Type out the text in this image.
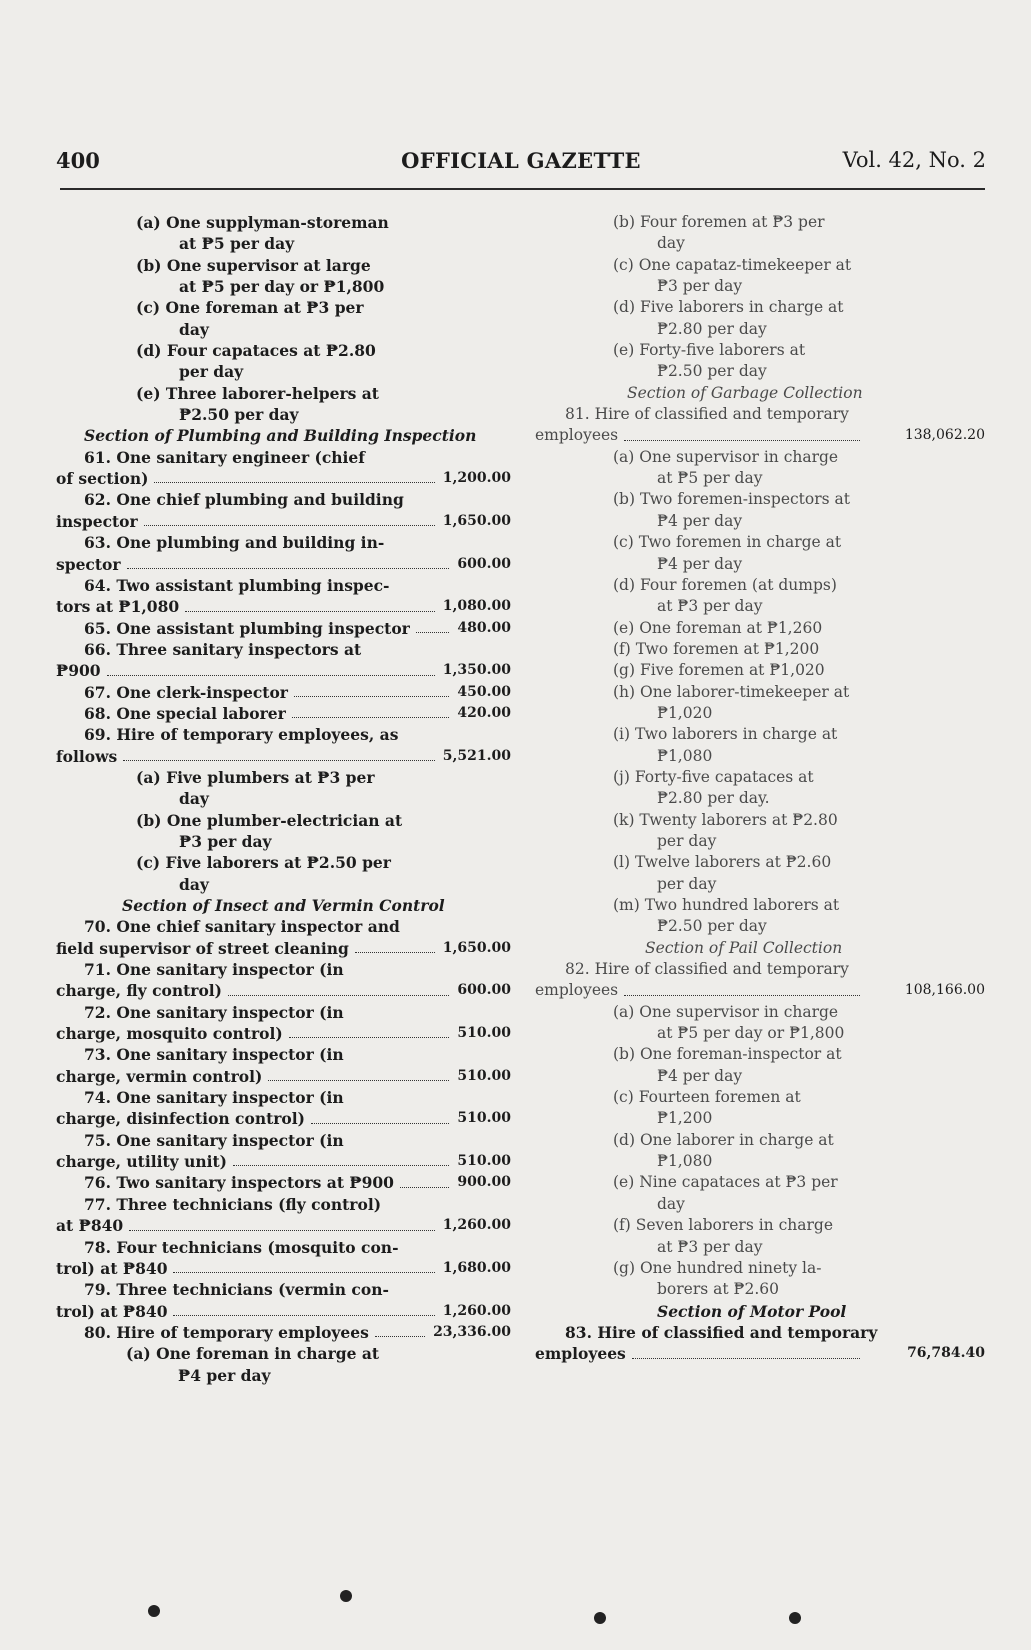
400	OFFICIAL GAZETTE	Vol. 42, No. 2
(a) One supplyman-storeman
at ₱5 per day
(b) One supervisor at large
at ₱5 per day or ₱1,800
(c) One foreman at ₱3 per
day
(d) Four capataces at ₱2.80
per day
(e) Three laborer-helpers at
₱2.50 per day
Section of Plumbing and Building Inspection
61. One sanitary engineer (chief
of section)	1,200.00
62. One chief plumbing and building
inspector	1,650.00
63. One plumbing and building in-
spector	600.00
64. Two assistant plumbing inspec-
tors at ₱1,080	1,080.00
65. One assistant plumbing inspector	480.00
66. Three sanitary inspectors at
₱900	1,350.00
67. One clerk-inspector	450.00
68. One special laborer	420.00
69. Hire of temporary employees, as
follows	5,521.00
(a) Five plumbers at ₱3 per
day
(b) One plumber-electrician at
₱3 per day
(c) Five laborers at ₱2.50 per
day
Section of Insect and Vermin Control
70. One chief sanitary inspector and
field supervisor of street cleaning	1,650.00
71. One sanitary inspector (in
charge, fly control)	600.00
72. One sanitary inspector (in
charge, mosquito control)	510.00
73. One sanitary inspector (in
charge, vermin control)	510.00
74. One sanitary inspector (in
charge, disinfection control)	510.00
75. One sanitary inspector (in
charge, utility unit)	510.00
76. Two sanitary inspectors at ₱900	900.00
77. Three technicians (fly control)
at ₱840	1,260.00
78. Four technicians (mosquito con-
trol) at ₱840	1,680.00
79. Three technicians (vermin con-
trol) at ₱840	1,260.00
80. Hire of temporary employees	23,336.00
(a) One foreman in charge at
₱4 per day
(b) Four foremen at ₱3 per
day
(c) One capataz-timekeeper at
₱3 per day
(d) Five laborers in charge at
₱2.80 per day
(e) Forty-five laborers at
₱2.50 per day
Section of Garbage Collection
81. Hire of classified and temporary
employees	138,062.20
(a) One supervisor in charge
at ₱5 per day
(b) Two foremen-inspectors at
₱4 per day
(c) Two foremen in charge at
₱4 per day
(d) Four foremen (at dumps)
at ₱3 per day
(e) One foreman at ₱1,260
(f) Two foremen at ₱1,200
(g) Five foremen at ₱1,020
(h) One laborer-timekeeper at
₱1,020
(i) Two laborers in charge at
₱1,080
(j) Forty-five capataces at
₱2.80 per day.
(k) Twenty laborers at ₱2.80
per day
(l) Twelve laborers at ₱2.60
per day
(m) Two hundred laborers at
₱2.50 per day
Section of Pail Collection
82. Hire of classified and temporary
employees	108,166.00
(a) One supervisor in charge
at ₱5 per day or ₱1,800
(b) One foreman-inspector at
₱4 per day
(c) Fourteen foremen at
₱1,200
(d) One laborer in charge at
₱1,080
(e) Nine capataces at ₱3 per
day
(f) Seven laborers in charge
at ₱3 per day
(g) One hundred ninety la-
borers at ₱2.60
Section of Motor Pool
83. Hire of classified and temporary
employees	76,784.40
